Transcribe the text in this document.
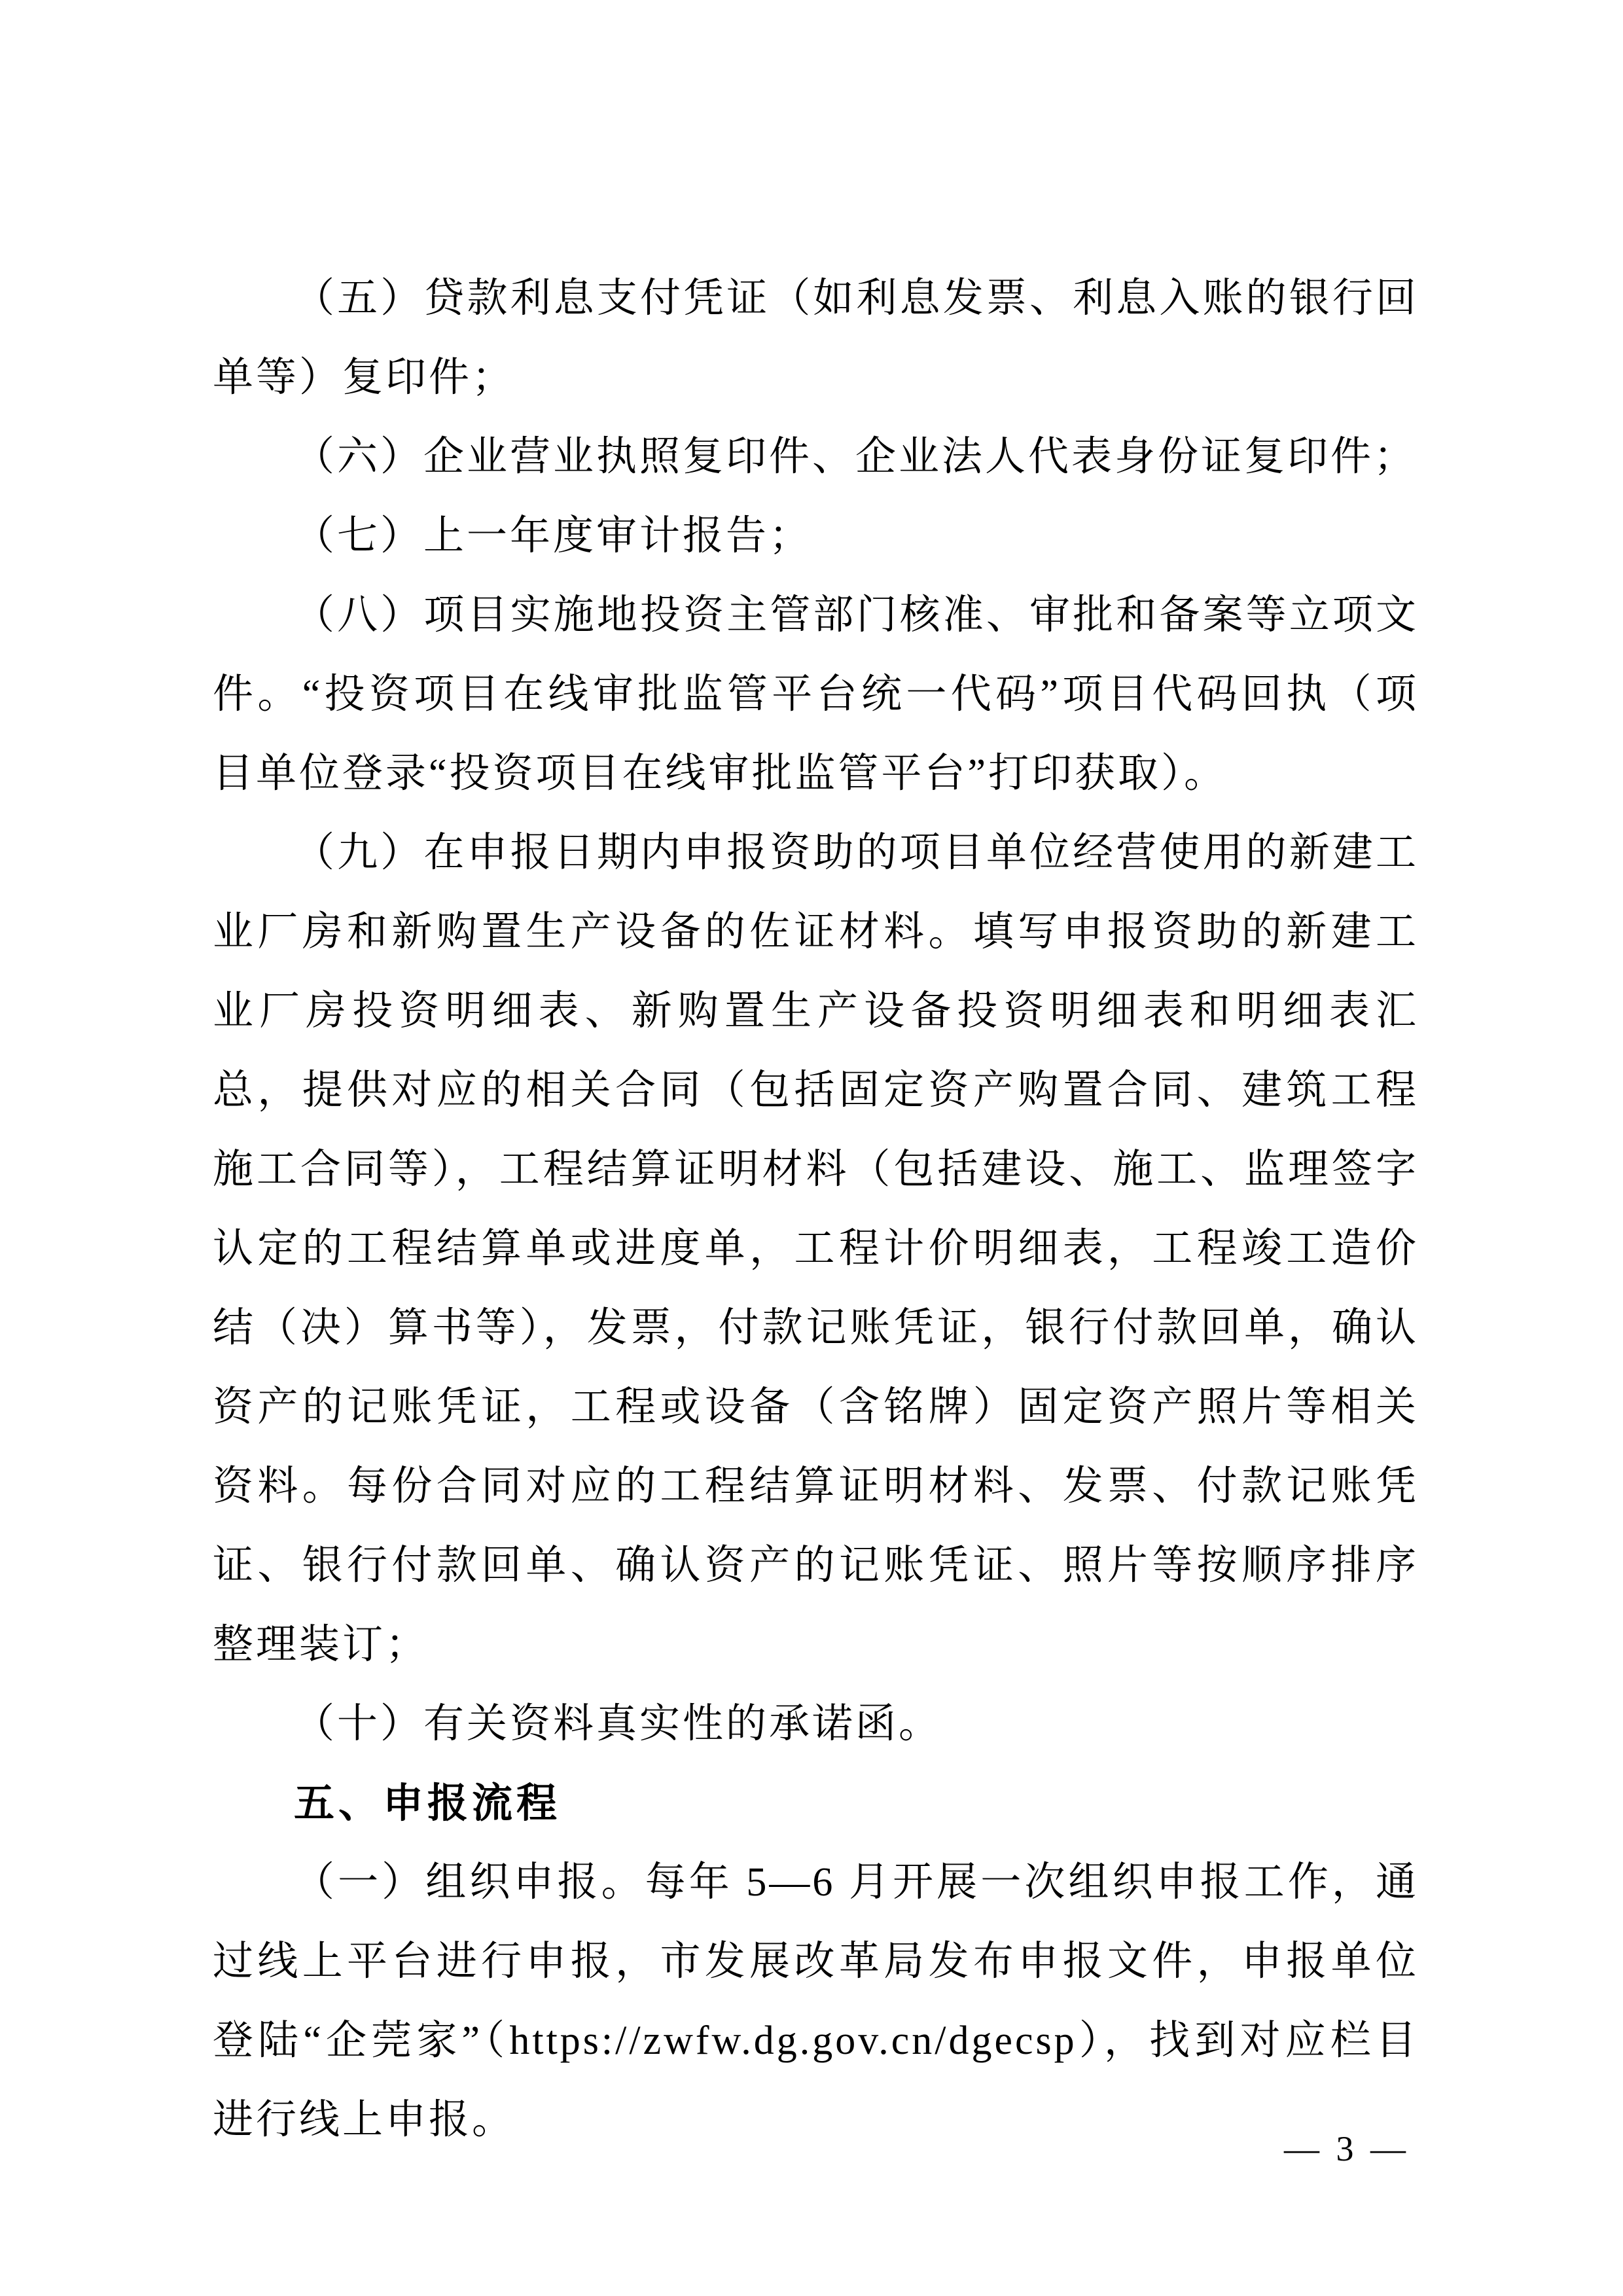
（五）贷款利息支付凭证（如利息发票、利息入账的银行回单等）复印件；

（六）企业营业执照复印件、企业法人代表身份证复印件；

（七）上一年度审计报告；

（八）项目实施地投资主管部门核准、审批和备案等立项文件。“投资项目在线审批监管平台统一代码”项目代码回执（项目单位登录“投资项目在线审批监管平台”打印获取）。

（九）在申报日期内申报资助的项目单位经营使用的新建工业厂房和新购置生产设备的佐证材料。填写申报资助的新建工业厂房投资明细表、新购置生产设备投资明细表和明细表汇总，提供对应的相关合同（包括固定资产购置合同、建筑工程施工合同等），工程结算证明材料（包括建设、施工、监理签字认定的工程结算单或进度单，工程计价明细表，工程竣工造价结（决）算书等），发票，付款记账凭证，银行付款回单，确认资产的记账凭证，工程或设备（含铭牌）固定资产照片等相关资料。每份合同对应的工程结算证明材料、发票、付款记账凭证、银行付款回单、确认资产的记账凭证、照片等按顺序排序整理装订；

（十）有关资料真实性的承诺函。

五、申报流程

（一）组织申报。每年 5—6 月开展一次组织申报工作，通过线上平台进行申报，市发展改革局发布申报文件，申报单位登陆“企莞家”（https://zwfw.dg.gov.cn/dgecsp），找到对应栏目进行线上申报。

— 3 —
